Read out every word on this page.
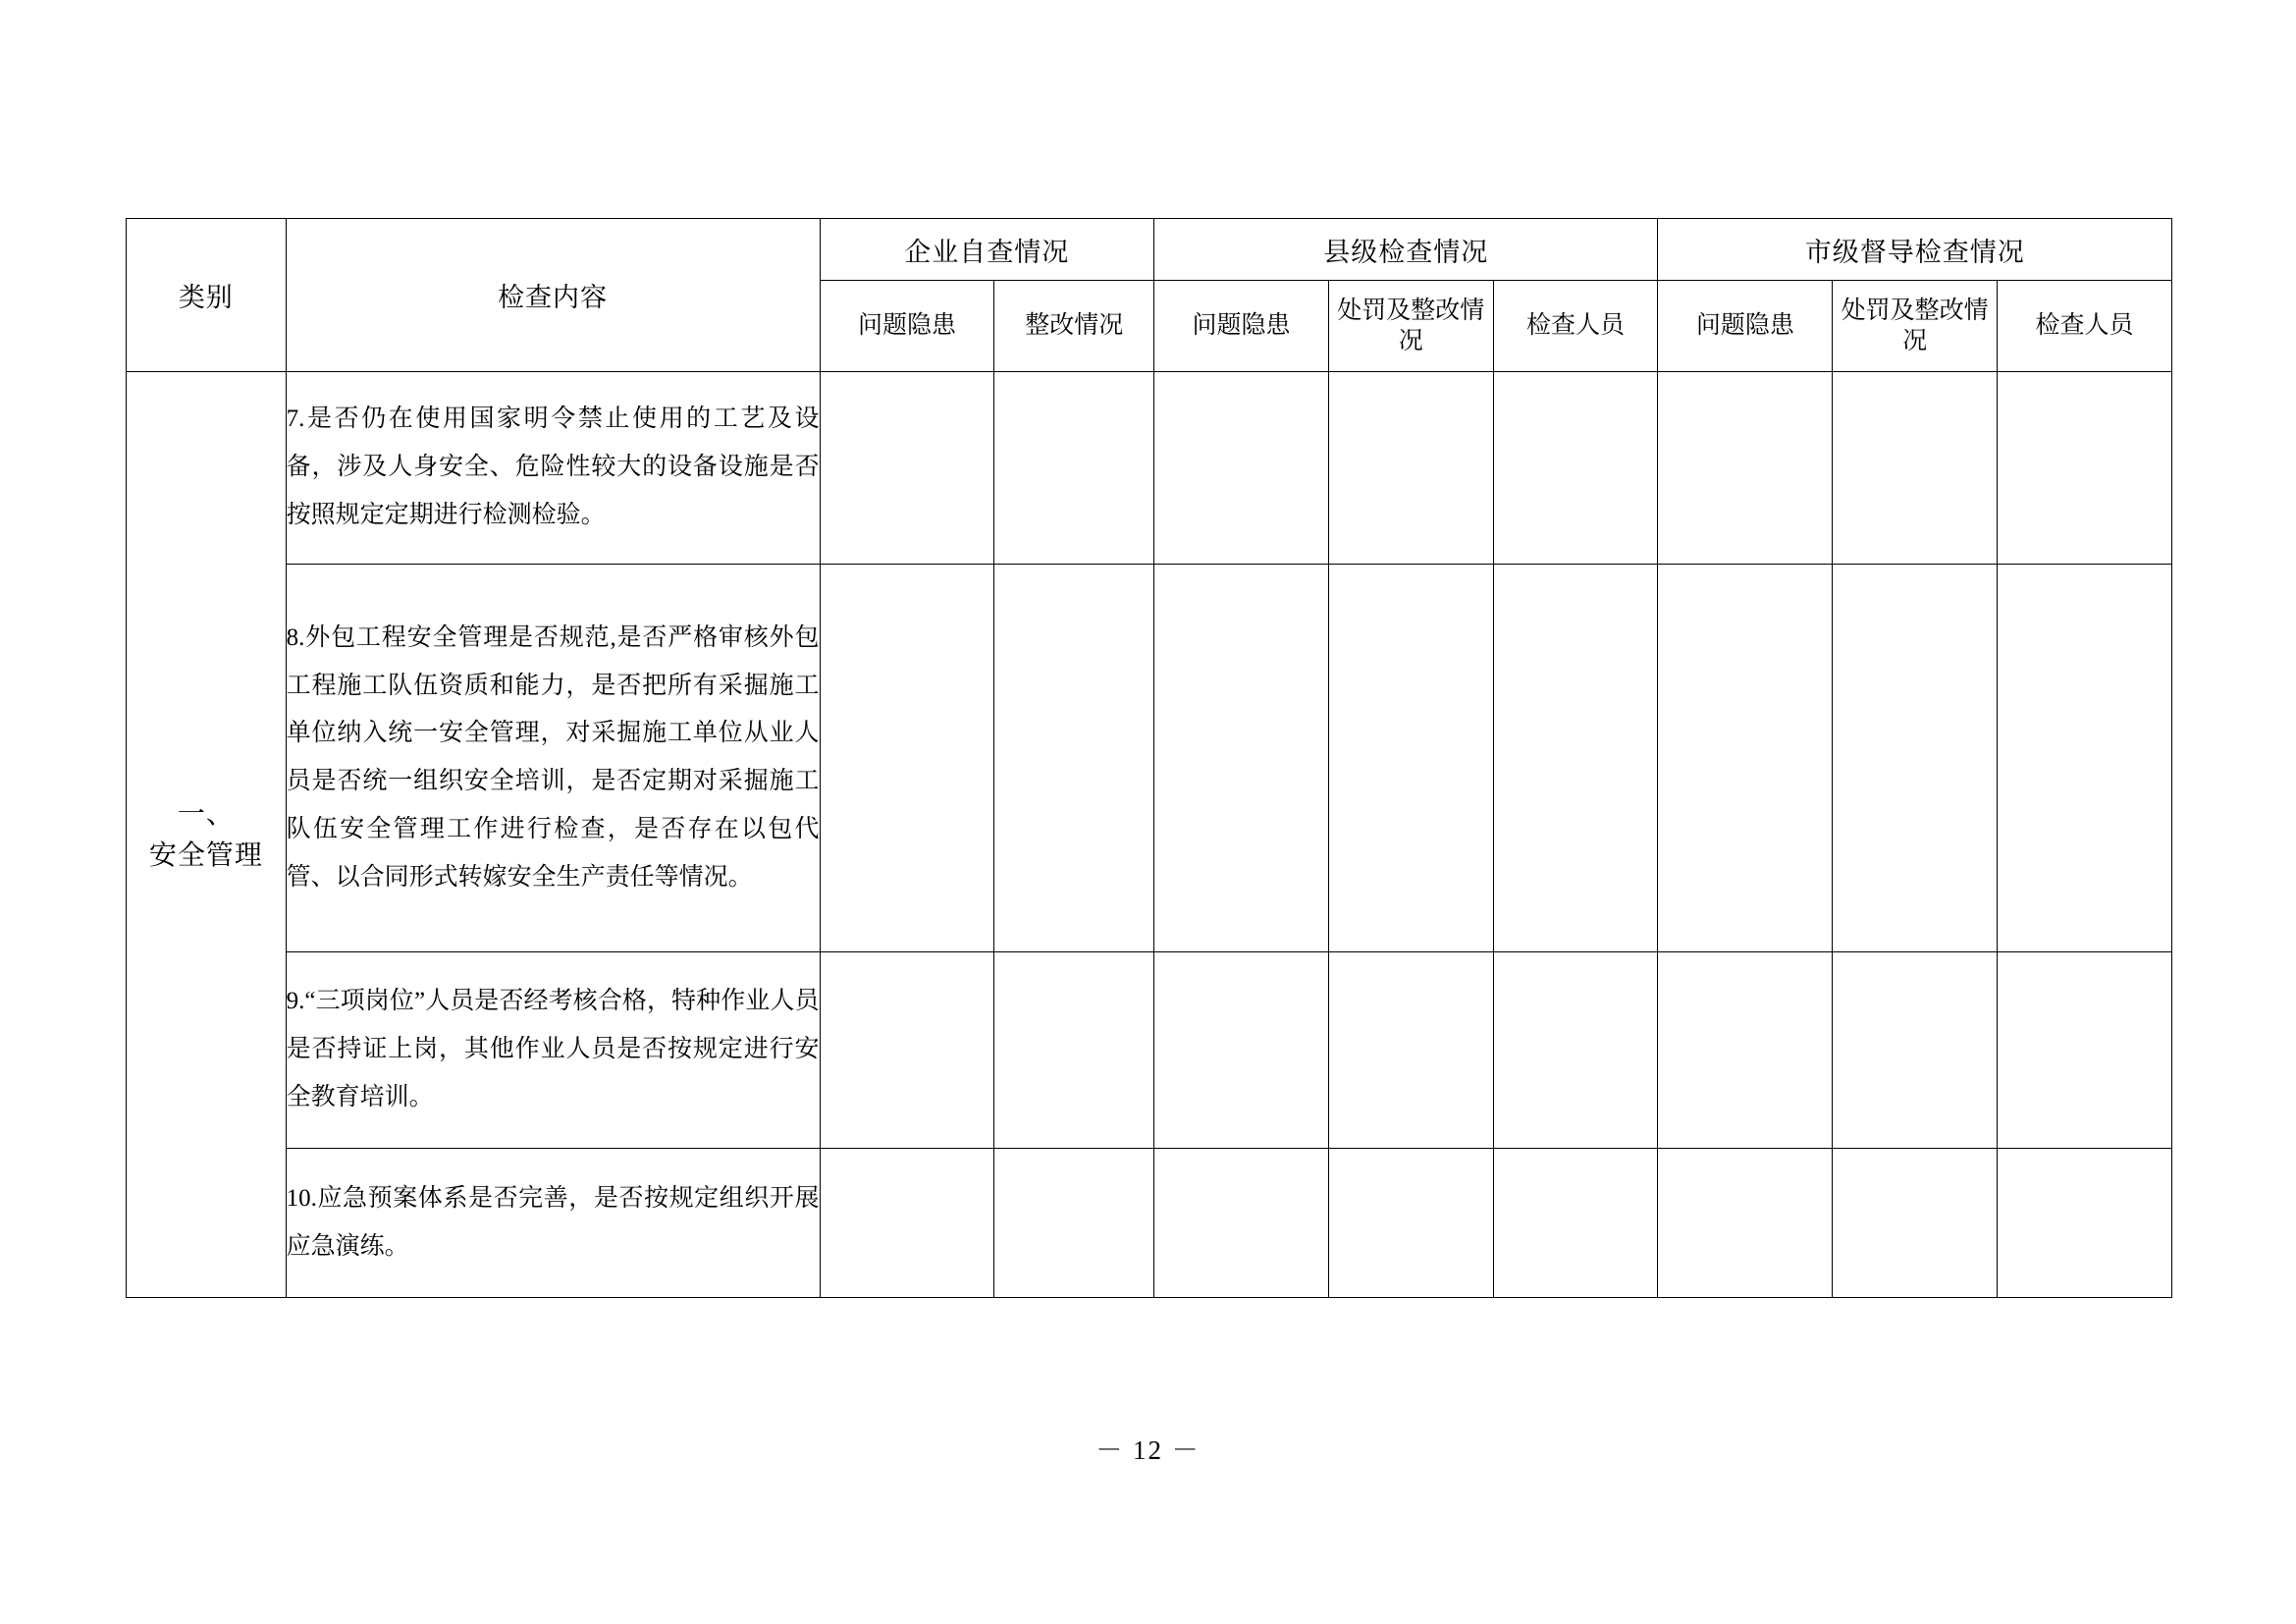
类别	检查内容	企业自查情况		县级检查情况			市级督导检查情况		
		问题隐患	整改情况	问题隐患	处罚及整改情况	检查人员	问题隐患	处罚及整改情况	检查人员

一、
安全管理	7.是否仍在使用国家明令禁止使用的工艺及设备，涉及人身安全、危险性较大的设备设施是否按照规定定期进行检测检验。								
	8.外包工程安全管理是否规范,是否严格审核外包工程施工队伍资质和能力，是否把所有采掘施工单位纳入统一安全管理，对采掘施工单位从业人员是否统一组织安全培训，是否定期对采掘施工队伍安全管理工作进行检查，是否存在以包代管、以合同形式转嫁安全生产责任等情况。								
	9.“三项岗位”人员是否经考核合格，特种作业人员是否持证上岗，其他作业人员是否按规定进行安全教育培训。								
	10.应急预案体系是否完善，是否按规定组织开展应急演练。								
－ 12 －
